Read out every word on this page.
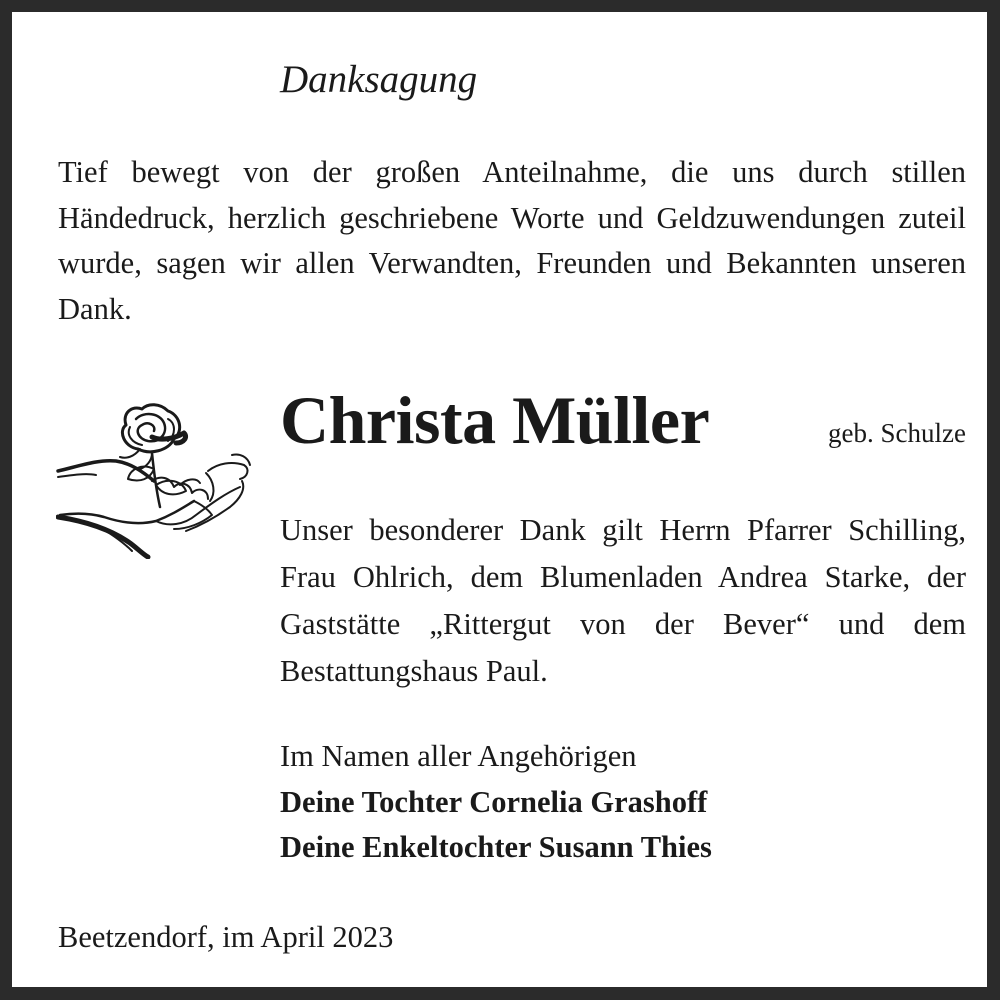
Danksagung

Tief bewegt von der großen Anteilnahme, die uns durch stillen Händedruck, herzlich geschriebene Worte und Geldzuwendungen zuteil wurde, sagen wir allen Verwandten, Freunden und Bekannten unseren Dank.

Christa Müller	geb. Schulze

Unser besonderer Dank gilt Herrn Pfarrer Schilling, Frau Ohlrich, dem Blumenladen Andrea Starke, der Gaststätte „Rittergut von der Bever“ und dem Bestattungshaus Paul.

Im Namen aller Angehörigen
Deine Tochter Cornelia Grashoff
Deine Enkeltochter Susann Thies
Beetzendorf, im April 2023
